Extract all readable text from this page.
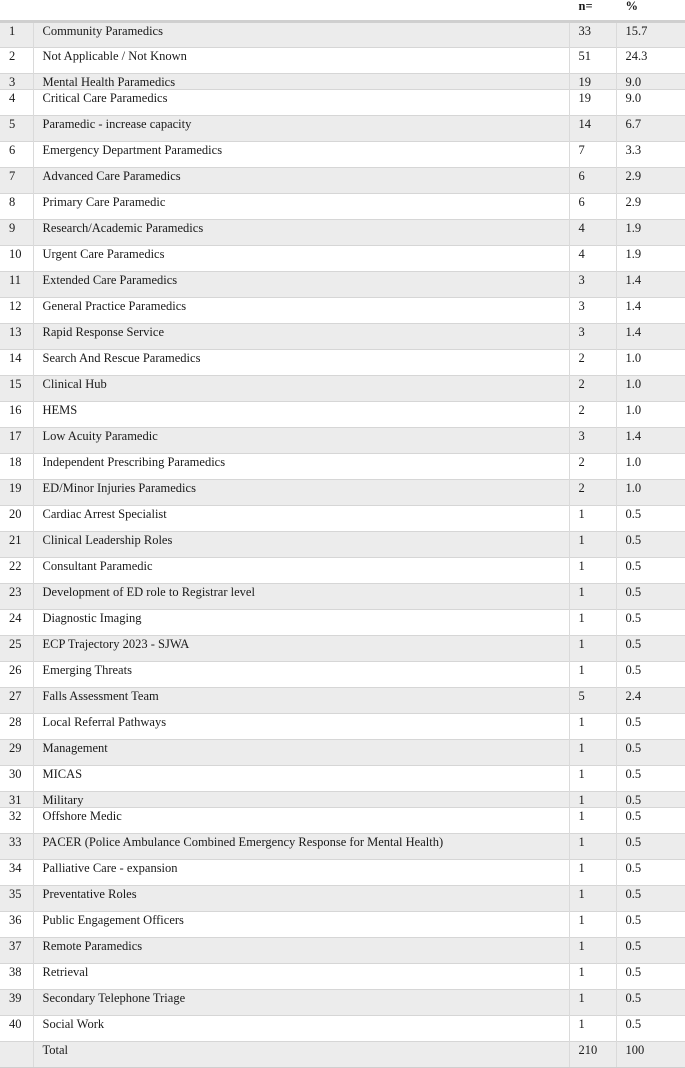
		n=	%
1	Community Paramedics	33	15.7
2	Not Applicable / Not Known	51	24.3
3	Mental Health Paramedics	19	9.0
4	Critical Care Paramedics	19	9.0
5	Paramedic - increase capacity	14	6.7
6	Emergency Department Paramedics	7	3.3
7	Advanced Care Paramedics	6	2.9
8	Primary Care Paramedic	6	2.9
9	Research/Academic Paramedics	4	1.9
10	Urgent Care Paramedics	4	1.9
11	Extended Care Paramedics	3	1.4
12	General Practice Paramedics	3	1.4
13	Rapid Response Service	3	1.4
14	Search And Rescue Paramedics	2	1.0
15	Clinical Hub	2	1.0
16	HEMS	2	1.0
17	Low Acuity Paramedic	3	1.4
18	Independent Prescribing Paramedics	2	1.0
19	ED/Minor Injuries Paramedics	2	1.0
20	Cardiac Arrest Specialist	1	0.5
21	Clinical Leadership Roles	1	0.5
22	Consultant Paramedic	1	0.5
23	Development of ED role to Registrar level	1	0.5
24	Diagnostic Imaging	1	0.5
25	ECP Trajectory 2023 - SJWA	1	0.5
26	Emerging Threats	1	0.5
27	Falls Assessment Team	5	2.4
28	Local Referral Pathways	1	0.5
29	Management	1	0.5
30	MICAS	1	0.5
31	Military	1	0.5
32	Offshore Medic	1	0.5
33	PACER (Police Ambulance Combined Emergency Response for Mental Health)	1	0.5
34	Palliative Care - expansion	1	0.5
35	Preventative Roles	1	0.5
36	Public Engagement Officers	1	0.5
37	Remote Paramedics	1	0.5
38	Retrieval	1	0.5
39	Secondary Telephone Triage	1	0.5
40	Social Work	1	0.5
	Total	210	100
